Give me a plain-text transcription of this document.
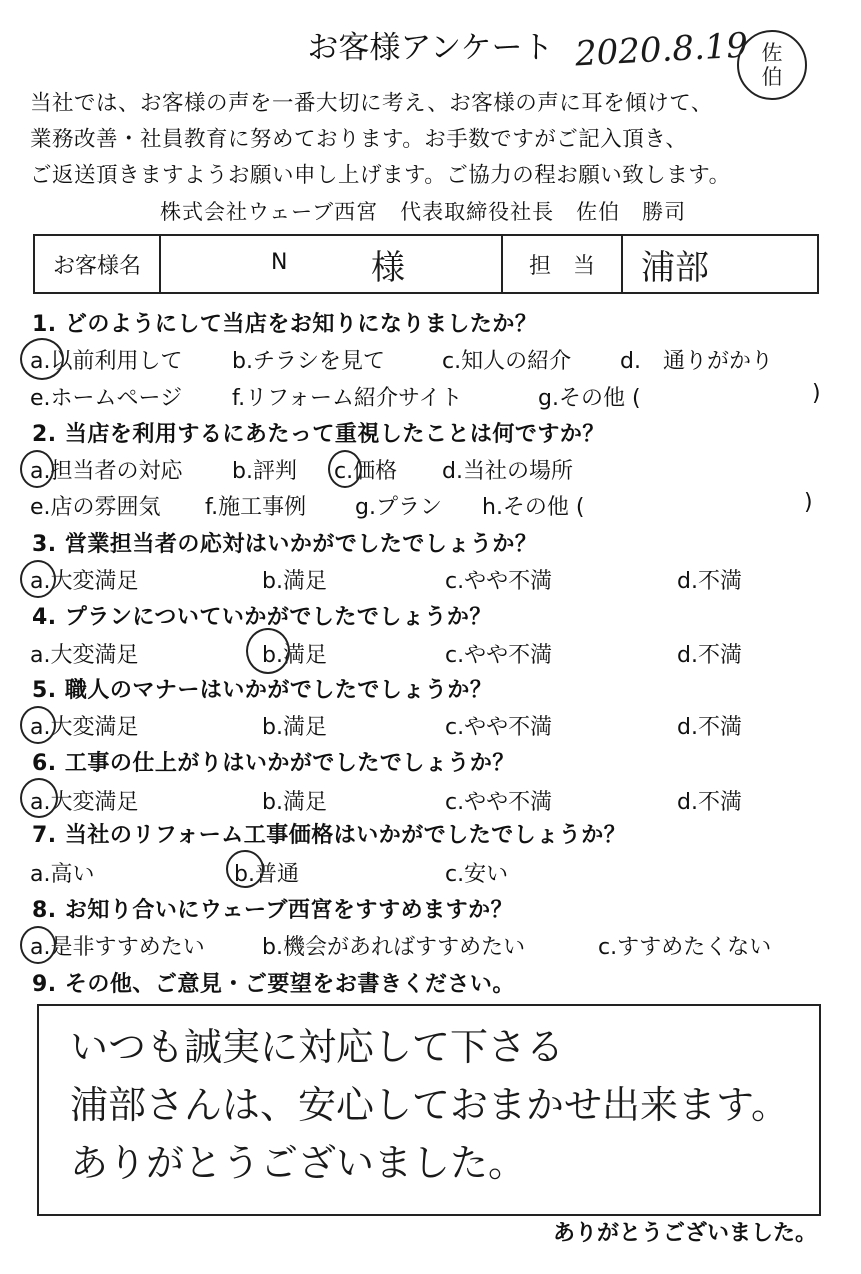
お客様アンケート 2020.8.19 佐
伯
当社では、お客様の声を一番大切に考え、お客様の声に耳を傾けて、
業務改善・社員教育に努めております。お手数ですがご記入頂き、
ご返送頂きますようお願い申し上げます。ご協力の程お願い致します。
株式会社ウェーブ西宮　代表取締役社長　佐伯　勝司
お客様名	N 様	担　当	浦部
1. どのようにして当店をお知りになりましたか？
a.以前利用して b.チラシを見て	c.知人の紹介 d.　通りがかり
e.ホームページ f.リフォーム紹介サイト	g.その他 (	)
2. 当店を利用するにあたって重視したことは何ですか？
a.担当者の対応 b.評判 c.価格 d.当社の場所
e.店の雰囲気 f.施工事例 g.プラン h.その他 (	)
3. 営業担当者の応対はいかがでしたでしょうか？
a.大変満足	b.満足	c.やや不満	d.不満
4. プランについていかがでしたでしょうか？
a.大変満足	b.満足	c.やや不満	d.不満
5. 職人のマナーはいかがでしたでしょうか？
a.大変満足	b.満足	c.やや不満	d.不満
6. 工事の仕上がりはいかがでしたでしょうか？
a.大変満足	b.満足	c.やや不満	d.不満
7. 当社のリフォーム工事価格はいかがでしたでしょうか？
a.高い	b.普通	c.安い
8. お知り合いにウェーブ西宮をすすめますか？
a.是非すすめたい	b.機会があればすすめたい	c.すすめたくない
9. その他、ご意見・ご要望をお書きください。
いつも誠実に対応して下さる
浦部さんは、安心しておまかせ出来ます。
ありがとうございました。
ありがとうございました。
